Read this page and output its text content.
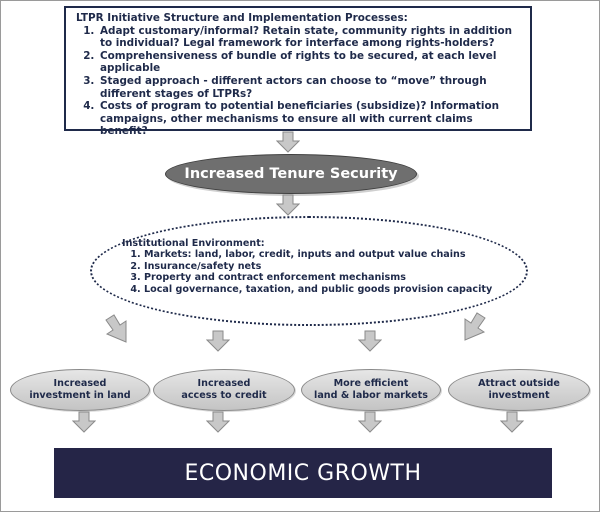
LTPR Initiative Structure and Implementation Processes:
1. Adapt customary/informal? Retain state, community rights in addition to individual? Legal framework for interface among rights-holders?
2. Comprehensiveness of bundle of rights to be secured, at each level applicable
3. Staged approach - different actors can choose to “move” through different stages of LTPRs?
4. Costs of program to potential beneficiaries (subsidize)? Information campaigns, other mechanisms to ensure all with current claims benefit?
Increased Tenure Security
Institutional Environment:
1. Markets: land, labor, credit, inputs and output value chains
2. Insurance/safety nets
3. Property and contract enforcement mechanisms
4. Local governance, taxation, and public goods provision capacity
Increased
investment in land
Increased
access to credit
More efficient
land & labor markets
Attract outside
investment
ECONOMIC GROWTH
